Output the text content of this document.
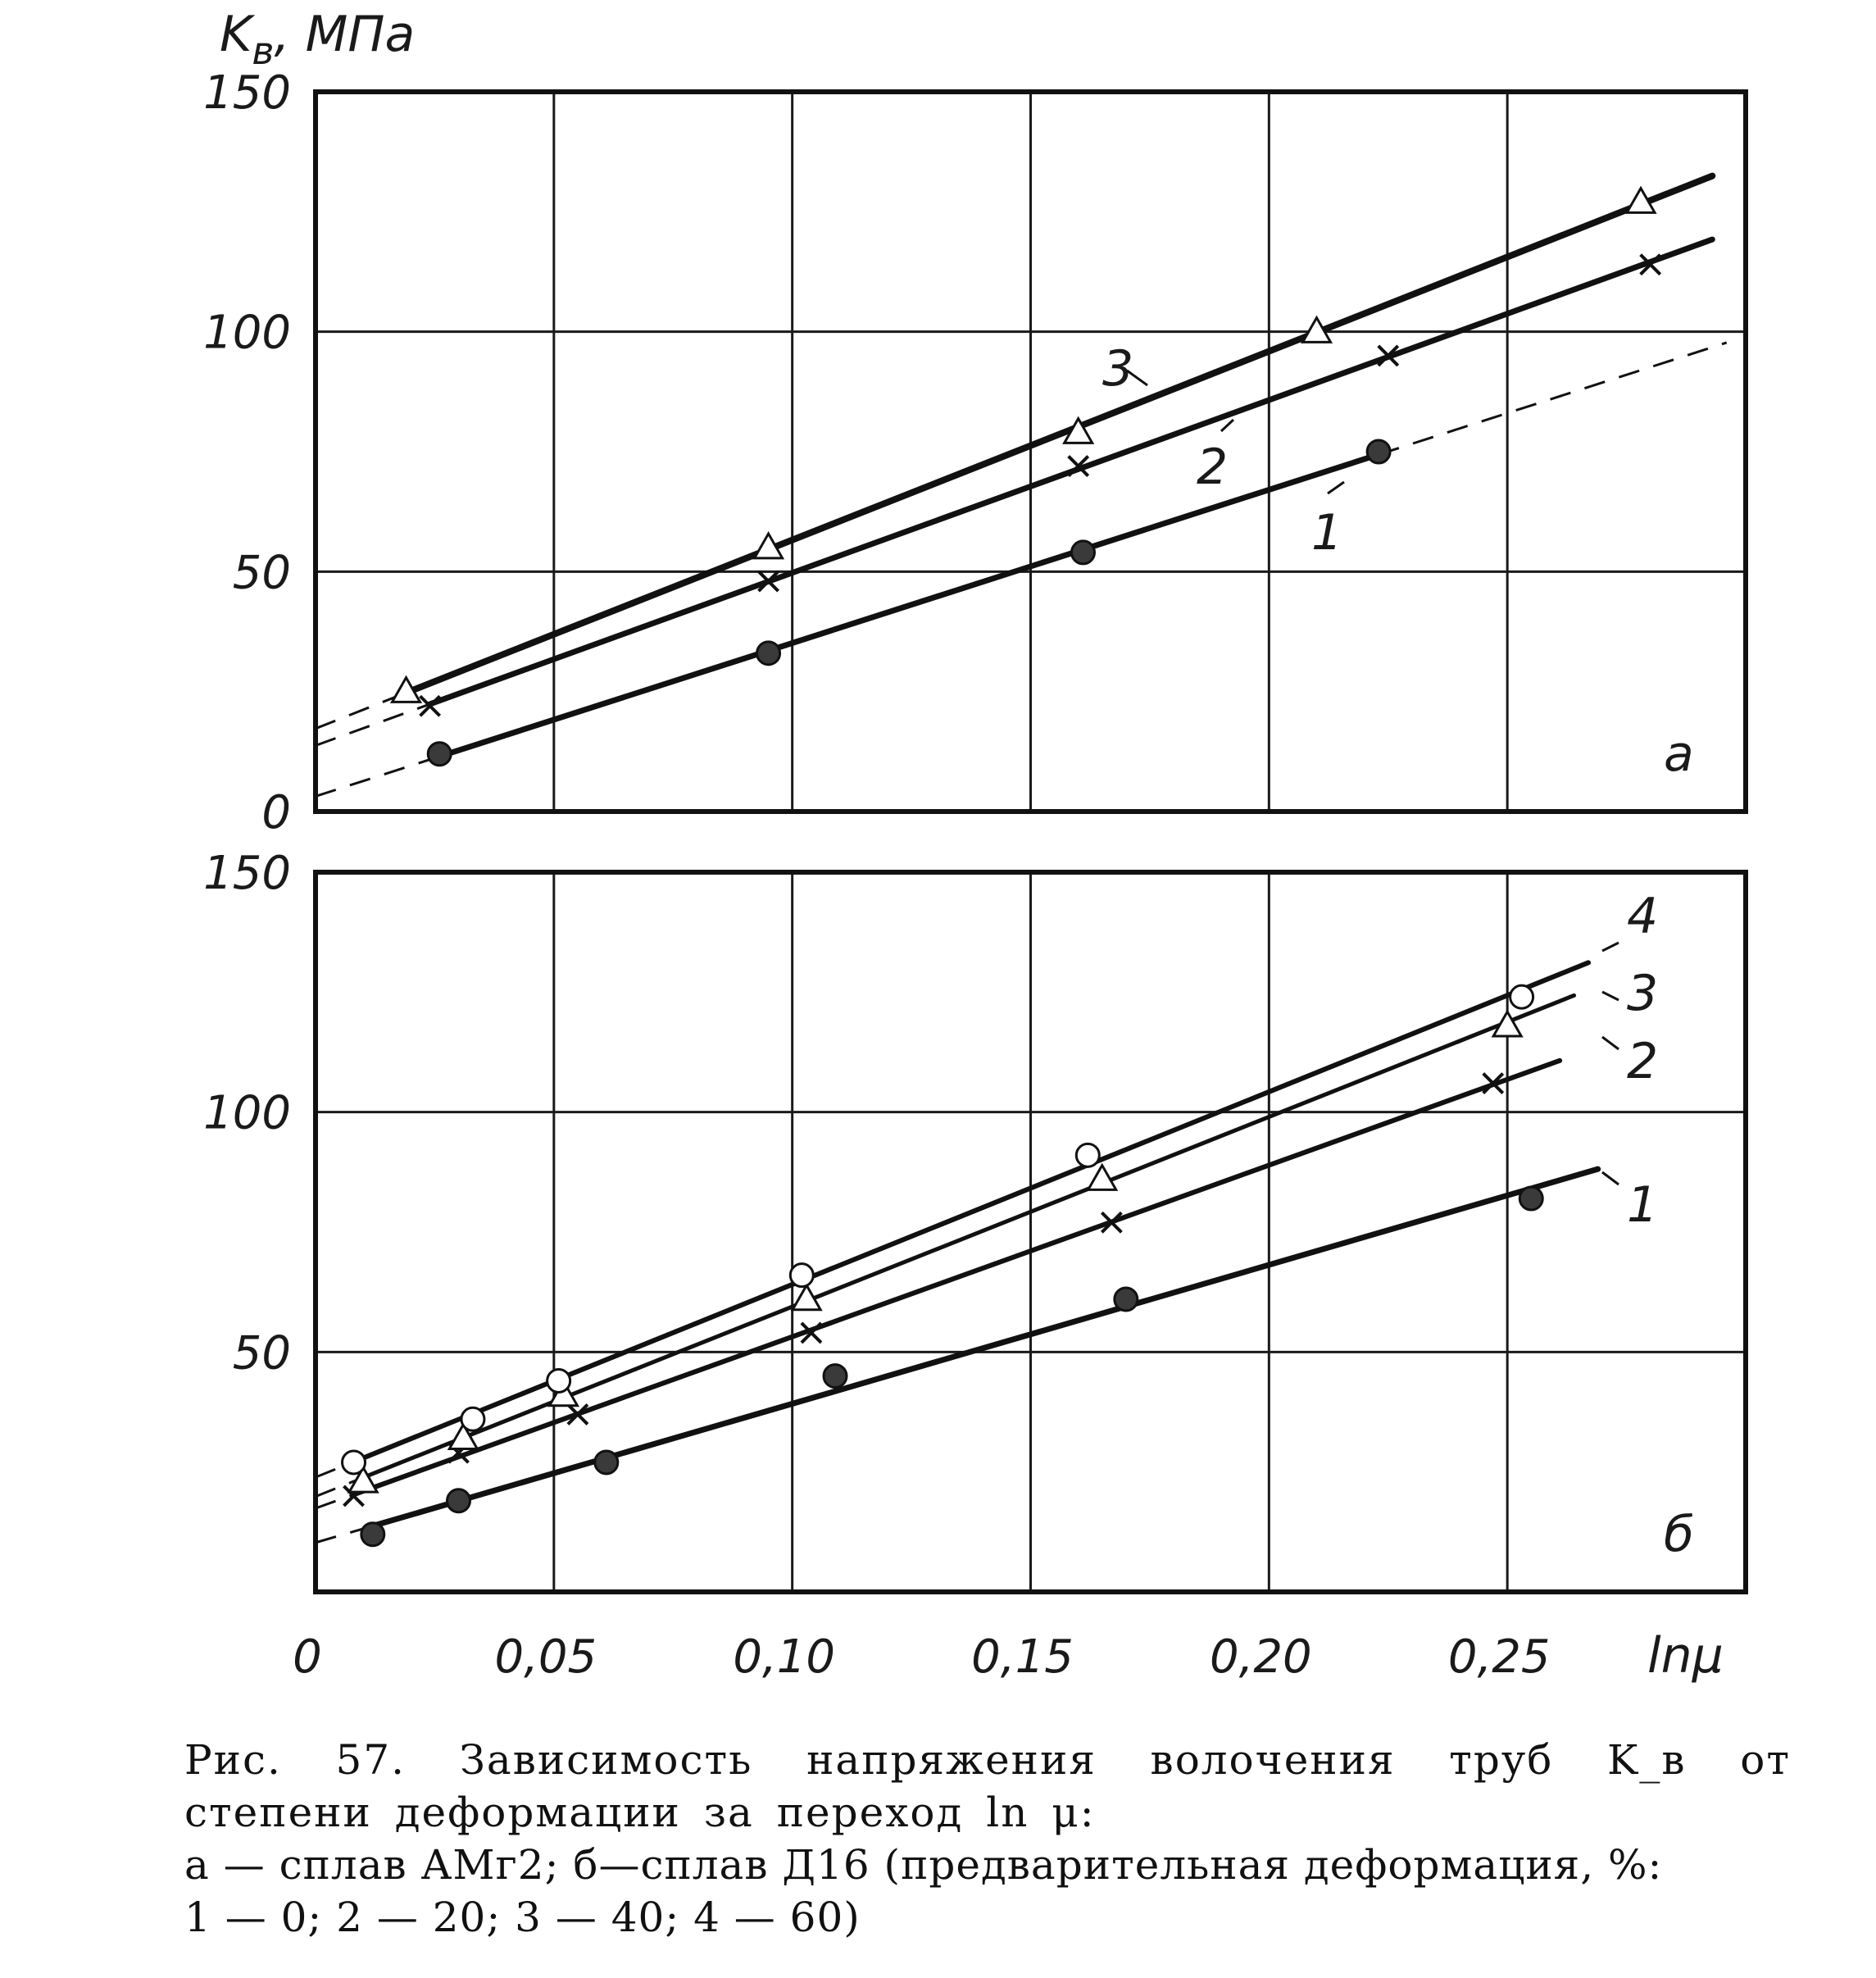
0
50
100
150
$K_в$, МПа
а
1
2
3
50
100
150
б
1
2
3
4
0	0,05	0,10	0,15	0,20	0,25 lnμ

Рис. 57. Зависимость напряжения волочения труб K_в от

степени деформации за переход ln μ:

а — сплав АМг2; б—сплав Д16 (предварительная деформация, %:

1 — 0; 2 — 20; 3 — 40; 4 — 60)
